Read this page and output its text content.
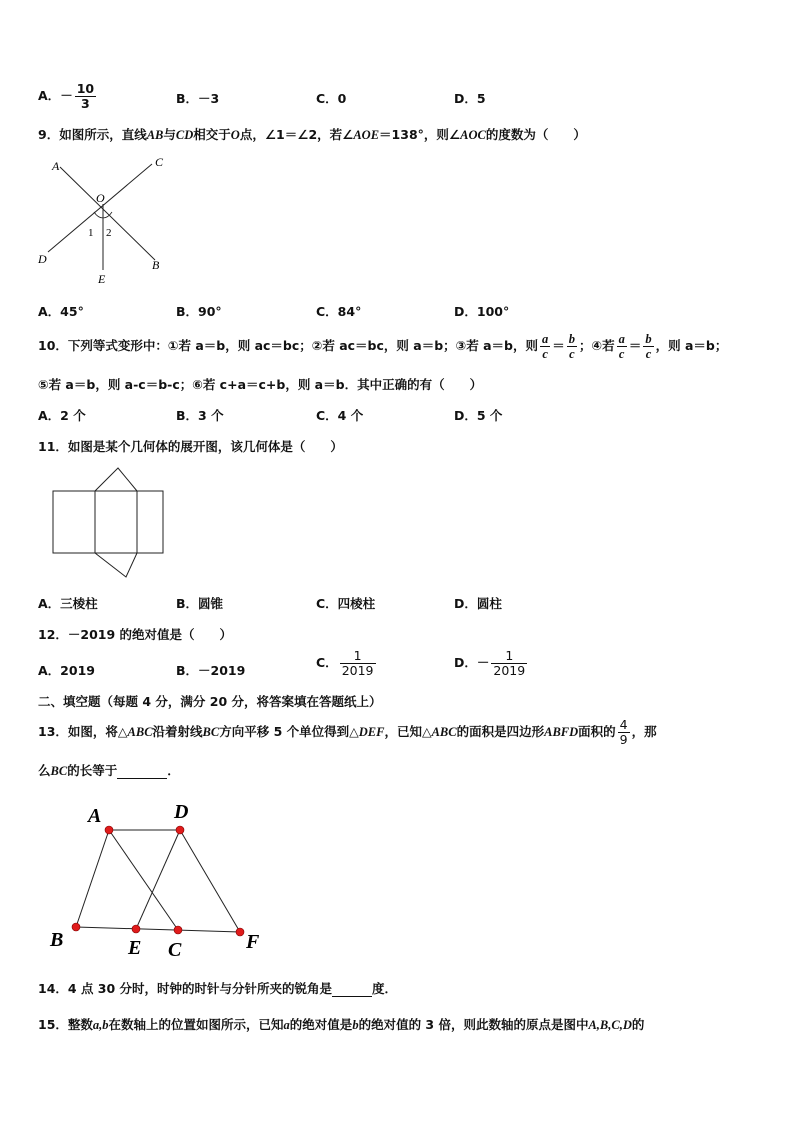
A．－ $\frac{10}{3}$	B．－3	C．0	D．5
9．如图所示，直线AB与CD相交于O点，∠1＝∠2，若∠AOE＝138°，则∠AOC的度数为（　　）
A	C
O
1 2
D	B
E
A．45°	B．90°	C．84°	D．100°
10．下列等式变形中：①若 a＝b，则 ac＝bc；②若 ac＝bc，则 a＝b；③若 a＝b，则 $\frac{a}{c} = \frac{b}{c}$ ；④若 $\frac{a}{c} = \frac{b}{c}$ ，则 a＝b；
⑤若 a＝b，则 a-c＝b-c；⑥若 c+a＝c+b，则 a＝b．其中正确的有（　　）
A．2 个	B．3 个	C．4 个	D．5 个
11．如图是某个几何体的展开图，该几何体是（　　）
A．三棱柱	B．圆锥	C．四棱柱	D．圆柱
12．－2019 的绝对值是（　　）
A．2019	B．－2019
C． $\frac{1}{2019}$	D．－ $\frac{1}{2019}$
二、填空题（每题 4 分，满分 20 分，将答案填在答题纸上）
13．如图，将△ABC沿着射线BC方向平移 5 个单位得到△DEF，已知△ABC的面积是四边形ABFD面积的 $\frac{4}{9}$ ，那
么BC的长等于	．
A	D
B	E C	F
14．4 点 30 分时，时钟的时针与分针所夹的锐角是	度．
15．整数a,b在数轴上的位置如图所示，已知a的绝对值是b的绝对值的 3 倍，则此数轴的原点是图中A,B,C,D的
